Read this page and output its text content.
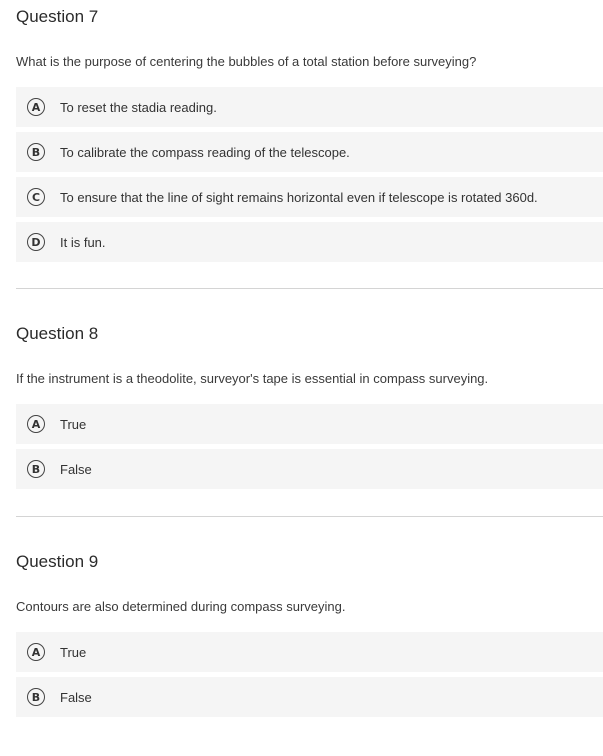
Question 7
What is the purpose of centering the bubbles of a total station before surveying?
A	To reset the stadia reading.
B	To calibrate the compass reading of the telescope.
C	To ensure that the line of sight remains horizontal even if telescope is rotated 360d.
D	It is fun.
Question 8
If the instrument is a theodolite, surveyor's tape is essential in compass surveying.
A	True
B	False
Question 9
Contours are also determined during compass surveying.
A	True
B	False
